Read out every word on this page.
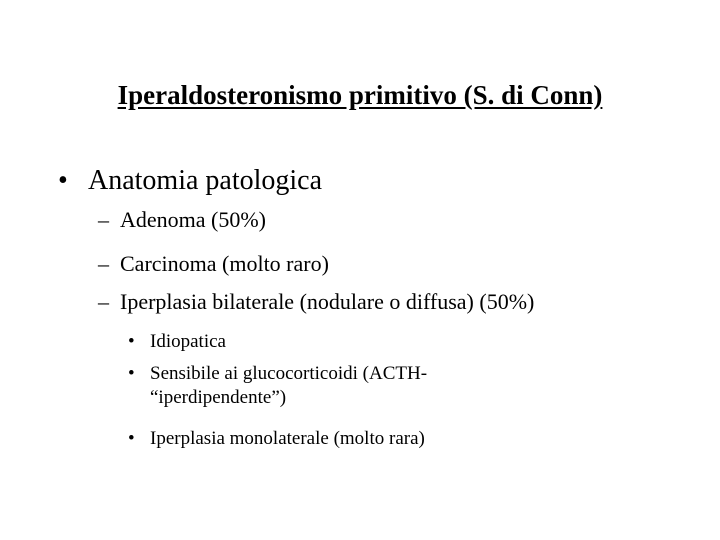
Iperaldosteronismo primitivo (S. di Conn)
• Anatomia patologica
– Adenoma (50%)
– Carcinoma (molto raro)
– Iperplasia bilaterale (nodulare o diffusa) (50%)
• Idiopatica
• Sensibile ai glucocorticoidi (ACTH-
“iperdipendente”)
• Iperplasia monolaterale (molto rara)
